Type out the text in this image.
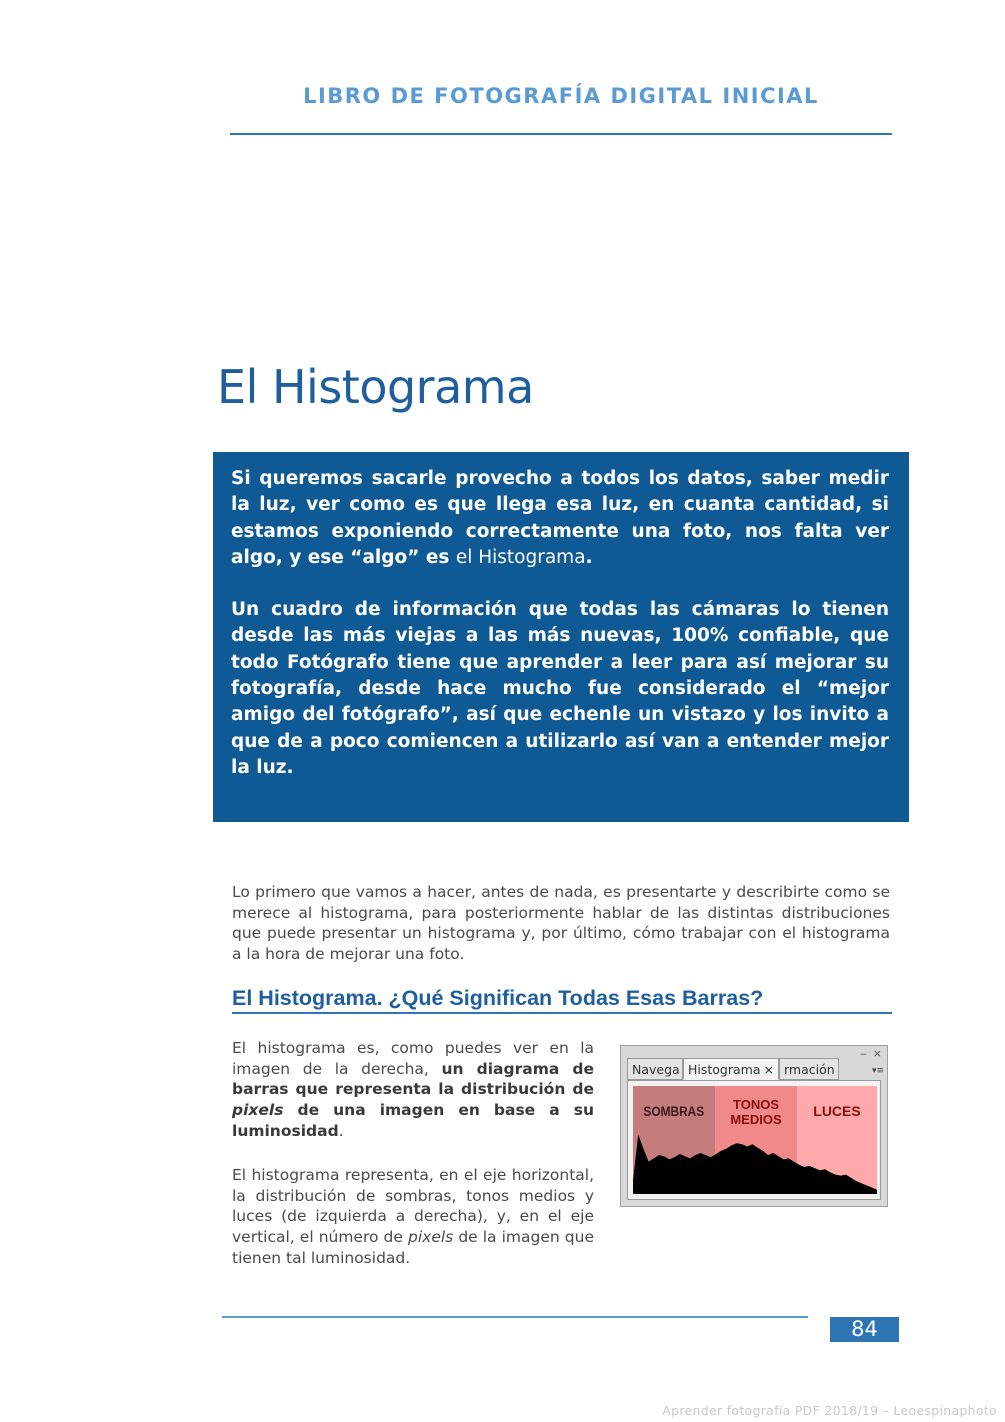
LIBRO DE FOTOGRAFÍA DIGITAL INICIAL
El Histograma

Si queremos sacarle provecho a todos los datos, saber medir la luz, ver como es que llega esa luz, en cuanta cantidad, si estamos exponiendo correctamente una foto, nos falta ver algo, y ese “algo” es el Histograma.

Un cuadro de información que todas las cámaras lo tienen desde las más viejas a las más nuevas, 100% confiable, que todo Fotógrafo tiene que aprender a leer para así mejorar su fotografía, desde hace mucho fue considerado el “mejor amigo del fotógrafo”, así que echenle un vistazo y los invito a que de a poco comiencen a utilizarlo así van a entender mejor la luz.

Lo primero que vamos a hacer, antes de nada, es presentarte y describirte como se merece al histograma, para posteriormente hablar de las distintas distribuciones que puede presentar un histograma y, por último, cómo trabajar con el histograma a la hora de mejorar una foto.

El Histograma. ¿Qué Significan Todas Esas Barras?

El histograma es, como puedes ver en la imagen de la derecha, un diagrama de barras que representa la distribución de pixels de una imagen en base a su luminosidad.

El histograma representa, en el eje horizontal, la distribución de sombras, tonos medios y luces (de izquierda a derecha), y, en el eje vertical, el número de pixels de la imagen que tienen tal luminosidad.

‒ ×
Navega Histograma × rmación	▾≡
SOMBRAS TONOS
MEDIOS
LUCES
84
Aprender fotografía PDF 2018/19 – Leoespinaphoto
